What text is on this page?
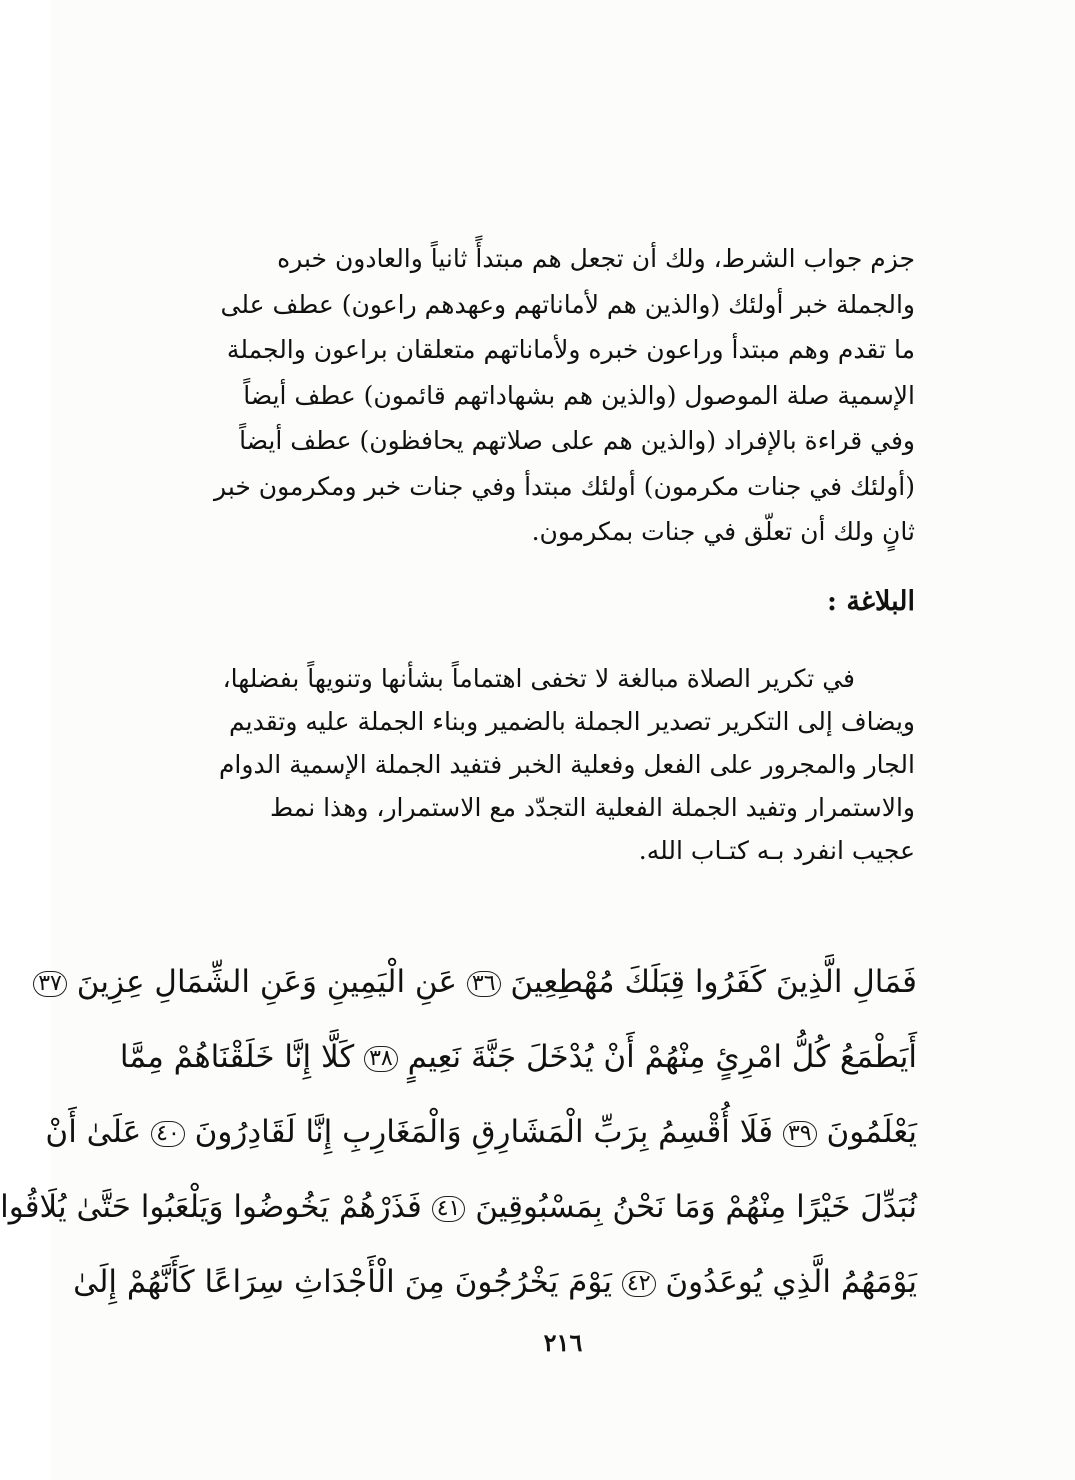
جزم جواب الشرط، ولك أن تجعل هم مبتدأً ثانياً والعادون خبره
والجملة خبر أولئك (والذين هم لأماناتهم وعهدهم راعون) عطف على
ما تقدم وهم مبتدأ وراعون خبره ولأماناتهم متعلقان براعون والجملة
الإسمية صلة الموصول (والذين هم بشهاداتهم قائمون) عطف أيضاً
وفي قراءة بالإفراد (والذين هم على صلاتهم يحافظون) عطف أيضاً
(أولئك في جنات مكرمون) أولئك مبتدأ وفي جنات خبر ومكرمون خبر
ثانٍ ولك أن تعلّق في جنات بمكرمون.
البلاغة :
في تكرير الصلاة مبالغة لا تخفى اهتماماً بشأنها وتنويهاً بفضلها،
ويضاف إلى التكرير تصدير الجملة بالضمير وبناء الجملة عليه وتقديم
الجار والمجرور على الفعل وفعلية الخبر فتفيد الجملة الإسمية الدوام
والاستمرار وتفيد الجملة الفعلية التجدّد مع الاستمرار، وهذا نمط
عجيب انفرد بـه كتـاب الله.
فَمَالِ الَّذِينَ كَفَرُوا قِبَلَكَ مُهْطِعِينَ ٣٦ عَنِ الْيَمِينِ وَعَنِ الشِّمَالِ عِزِينَ ٣٧
أَيَطْمَعُ كُلُّ امْرِئٍ مِنْهُمْ أَنْ يُدْخَلَ جَنَّةَ نَعِيمٍ ٣٨ كَلَّا إِنَّا خَلَقْنَاهُمْ مِمَّا
يَعْلَمُونَ ٣٩ فَلَا أُقْسِمُ بِرَبِّ الْمَشَارِقِ وَالْمَغَارِبِ إِنَّا لَقَادِرُونَ ٤٠ عَلَىٰ أَنْ
نُبَدِّلَ خَيْرًا مِنْهُمْ وَمَا نَحْنُ بِمَسْبُوقِينَ ٤١ فَذَرْهُمْ يَخُوضُوا وَيَلْعَبُوا حَتَّىٰ يُلَاقُوا
يَوْمَهُمُ الَّذِي يُوعَدُونَ ٤٢ يَوْمَ يَخْرُجُونَ مِنَ الْأَجْدَاثِ سِرَاعًا كَأَنَّهُمْ إِلَىٰ
٢١٦
